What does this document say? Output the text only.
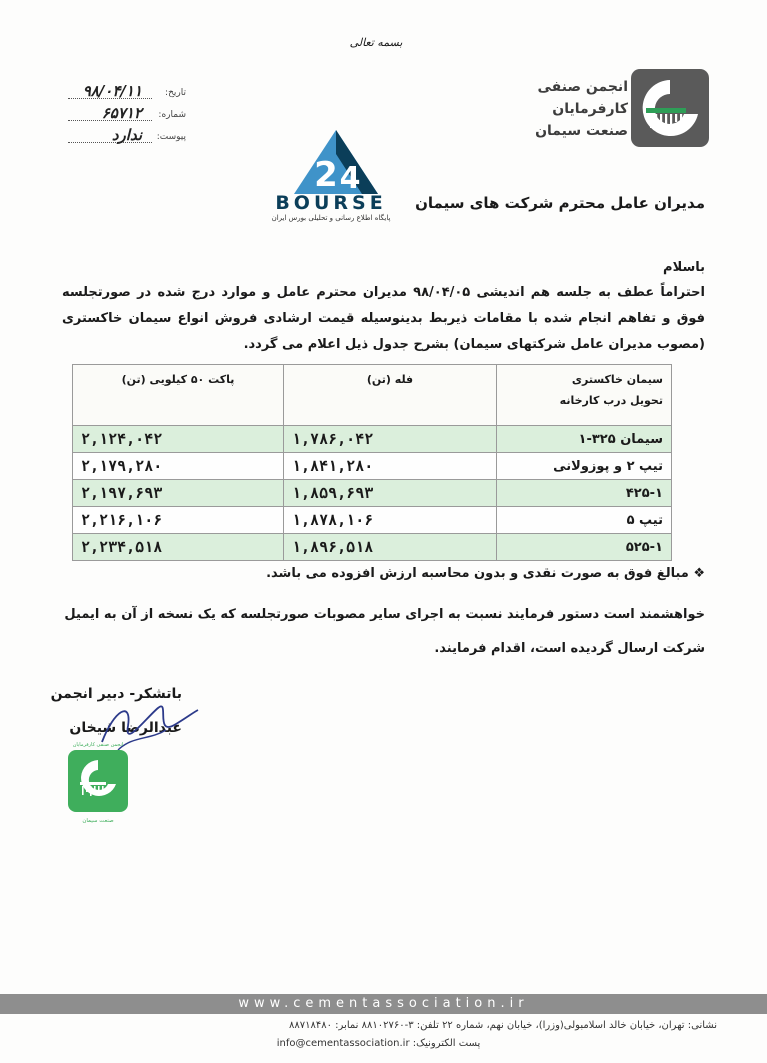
بسمه تعالی
تاریخ:
۹۸/۰۴/۱۱
شماره:
۶۵۷۱۲
پیوست:
ندارد
انجمن صنفی
کارفرمایان
صنعت سیمان
2 4
BOURSE
پایگاه اطلاع رسانی و تحلیلی بورس ایران
مدیران عامل محترم شرکت های سیمان
باسلام
احتراماً عطف به جلسه هم اندیشی ۹۸/۰۴/۰۵ مدیران محترم عامل و موارد درج شده در صورتجلسه فوق و تفاهم انجام شده با مقامات ذیربط بدینوسیله قیمت ارشادی فروش انواع سیمان خاکستری (مصوب مدیران عامل شرکتهای سیمان) بشرح جدول ذیل اعلام می گردد.
سیمان خاکستری
تحویل درب کارخانه	فله (تن)	پاکت ۵۰ کیلویی (تن)
سیمان ۳۲۵-۱	۱,۷۸۶,۰۴۲	۲,۱۲۴,۰۴۲
تیپ ۲ و پوزولانی	۱,۸۴۱,۲۸۰	۲,۱۷۹,۲۸۰
۴۲۵-۱	۱,۸۵۹,۶۹۳	۲,۱۹۷,۶۹۳
تیپ ۵	۱,۸۷۸,۱۰۶	۲,۲۱۶,۱۰۶
۵۲۵-۱	۱,۸۹۶,۵۱۸	۲,۲۳۴,۵۱۸
❖ مبالغ فوق به صورت نقدی و بدون محاسبه ارزش افزوده می باشد.
خواهشمند است دستور فرمایند نسبت به اجرای سایر مصوبات صورتجلسه که یک نسخه از آن به ایمیل شرکت ارسال گردیده است، اقدام فرمایند.
باتشکر- دبیر انجمن
عبدالرضا شیخان
انجمن صنفی کارفرمایان
صنعت سیمان
www.cementassociation.ir
نشانی: تهران، خیابان خالد اسلامبولی(وزرا)، خیابان نهم، شماره ۲۲ تلفن: ۳-۸۸۱۰۲۷۶۰ نمابر: ۸۸۷۱۸۴۸۰
پست الکترونیک: info@cementassociation.ir
